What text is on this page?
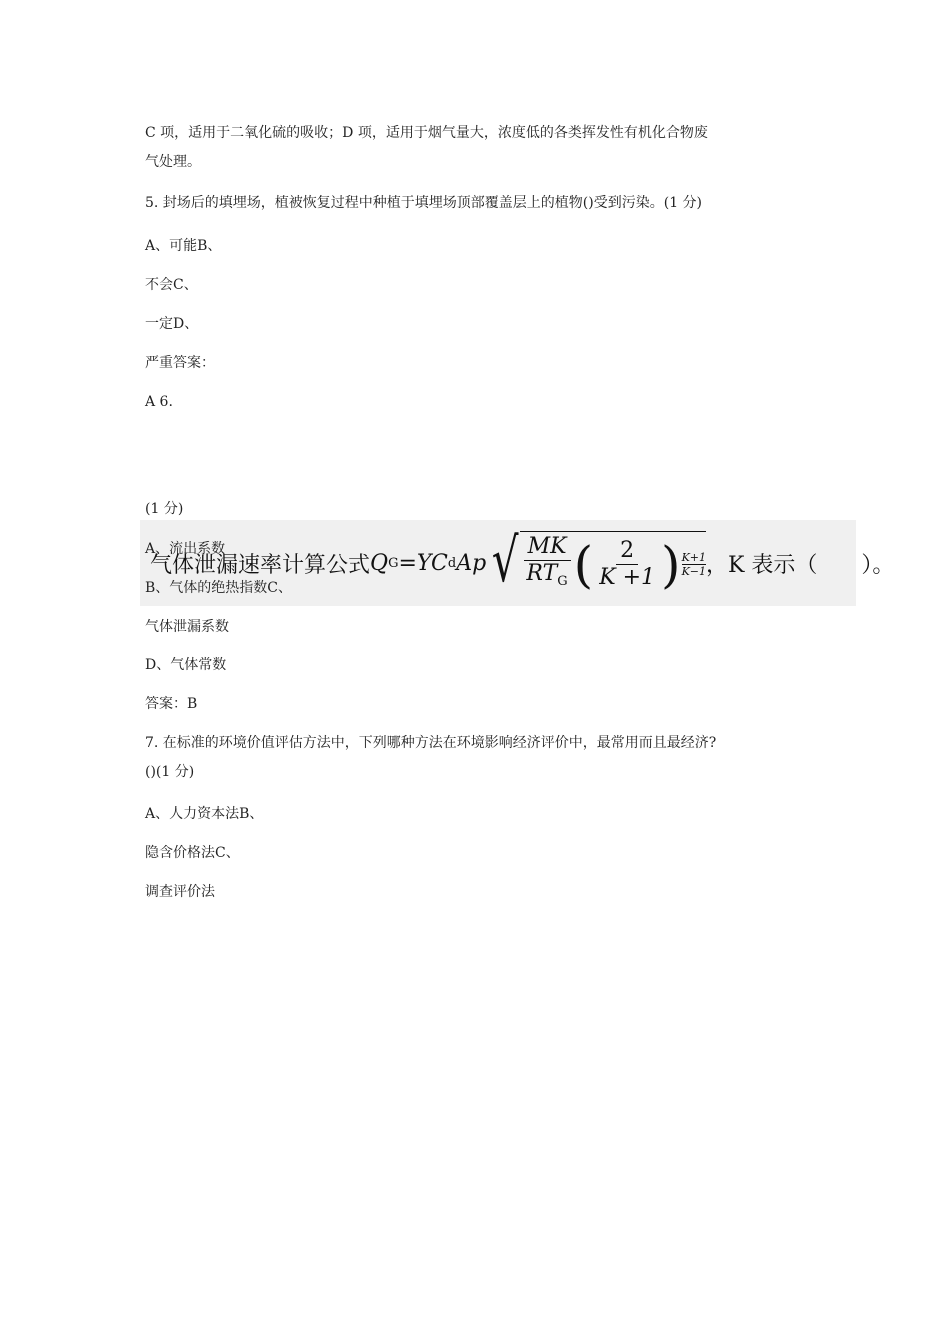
C 项，适用于二氧化硫的吸收；D 项，适用于烟气量大，浓度低的各类挥发性有机化合物废
气处理。
5. 封场后的填埋场，植被恢复过程中种植于填埋场顶部覆盖层上的植物()受到污染。(1 分)
A、可能B、
不会C、
一定D、
严重答案：
A 6.
(1 分)
气体泄漏速率计算公式 Q G = YC d Ap √ $\frac{MK}{RT_G}$ ( $\frac{2}{K +1}$ ) K+1
K−1 ，K 表示（　　）。
A、流出系数
B、气体的绝热指数C、
气体泄漏系数
D、气体常数
答案：B
7. 在标准的环境价值评估方法中，下列哪种方法在环境影响经济评价中，最常用而且最经济?
()(1 分)
A、人力资本法B、
隐含价格法C、
调查评价法
